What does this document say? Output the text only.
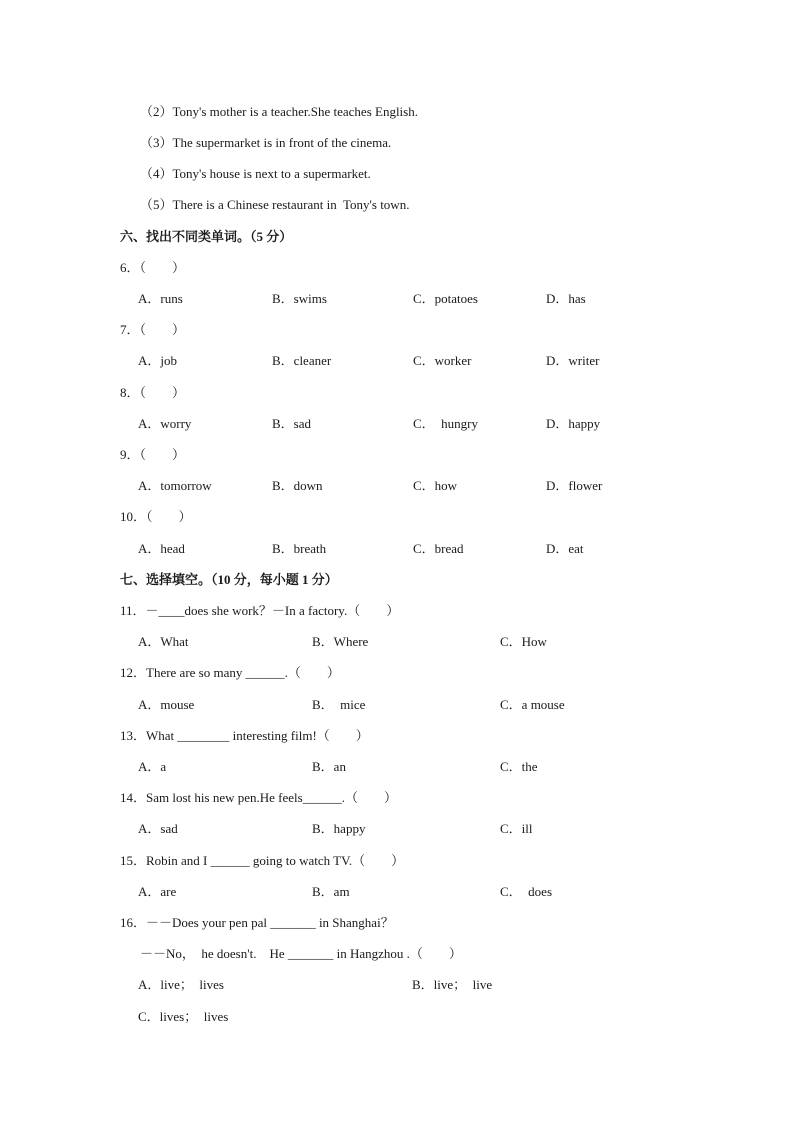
（2）Tony's mother is a teacher.She teaches English.
（3）The supermarket is in front of the cinema.
（4）Tony's house is next to a supermarket.
（5）There is a Chinese restaurant in  Tony's town.
六、找出不同类单词。（5 分）
6．（　　）
A．runs	B．swims	C．potatoes	D．has
7．（　　）
A．job	B．cleaner	C．worker	D．writer
8．（　　）
A．worry	B．sad	C．  hungry	D．happy
9．（　　）
A．tomorrow	B．down	C．how	D．flower
10．（　　）
A．head	B．breath	C．bread	D．eat
七、选择填空。（10 分，每小题 1 分）
11．－____does she work？－In a factory.（　　）
A．What	B．Where	C．How
12．There are so many ______.（　　）
A．mouse	B．  mice	C．a mouse
13．What ________ interesting film!（　　）
A．a	B．an	C．the
14．Sam lost his new pen.He feels______.（　　）
A．sad	B．happy	C．ill
15．Robin and I ______ going to watch TV.（　　）
A．are	B．am	C．  does
16．－－Does your pen pal _______ in Shanghai？
－－No，  he doesn't.    He _______ in Hangzhou .（　　）
A．live；  lives	B．live；  live
C．lives；  lives
